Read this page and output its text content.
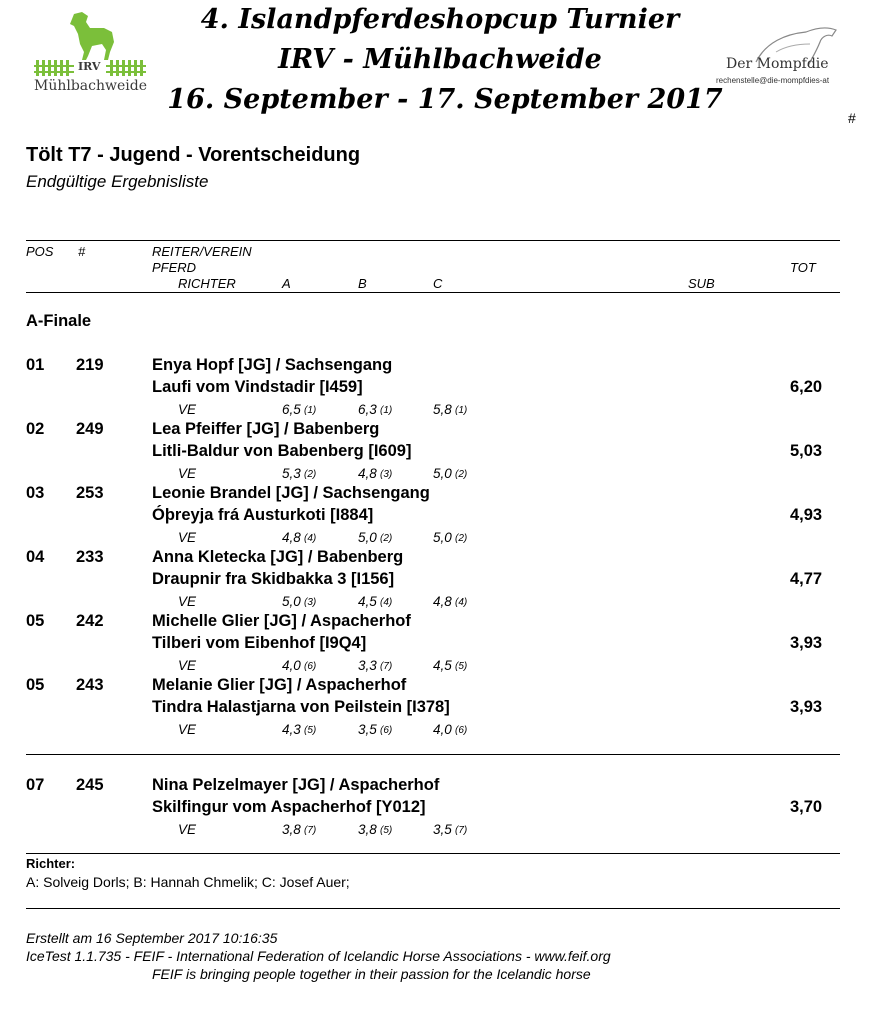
IRV
Mühlbachweide
4. Islandpferdeshopcup Turnier
IRV - Mühlbachweide
16. September - 17. September 2017
Der Mompfdie
rechenstelle@die-mompfdies-at
#
Tölt T7 - Jugend - Vorentscheidung
Endgültige Ergebnisliste
POS #	REITER/VEREIN
PFERD	TOT
RICHTER	A	B	C	SUB
A-Finale
01 219	Enya Hopf [JG] / Sachsengang
Laufi vom Vindstadir [I459]	6,20
VE	6,5 (1)	6,3 (1)	5,8 (1)
02 249	Lea Pfeiffer [JG] / Babenberg
Litli-Baldur von Babenberg [I609]	5,03
VE	5,3 (2)	4,8 (3)	5,0 (2)
03 253	Leonie Brandel [JG] / Sachsengang
Óþreyja frá Austurkoti [I884]	4,93
VE	4,8 (4)	5,0 (2)	5,0 (2)
04 233	Anna Kletecka [JG] / Babenberg
Draupnir fra Skidbakka 3 [I156]	4,77
VE	5,0 (3)	4,5 (4)	4,8 (4)
05 242	Michelle Glier [JG] / Aspacherhof
Tilberi vom Eibenhof [I9Q4]	3,93
VE	4,0 (6)	3,3 (7)	4,5 (5)
05 243	Melanie Glier [JG] / Aspacherhof
Tindra Halastjarna von Peilstein [I378]	3,93
VE	4,3 (5)	3,5 (6)	4,0 (6)
07 245	Nina Pelzelmayer [JG] / Aspacherhof
Skilfingur vom Aspacherhof [Y012]	3,70
VE	3,8 (7)	3,8 (5)	3,5 (7)
Richter:
A: Solveig Dorls; B: Hannah Chmelik; C: Josef Auer;
Erstellt am 16 September 2017 10:16:35
IceTest 1.1.735 - FEIF - International Federation of Icelandic Horse Associations - www.feif.org
FEIF is bringing people together in their passion for the Icelandic horse
